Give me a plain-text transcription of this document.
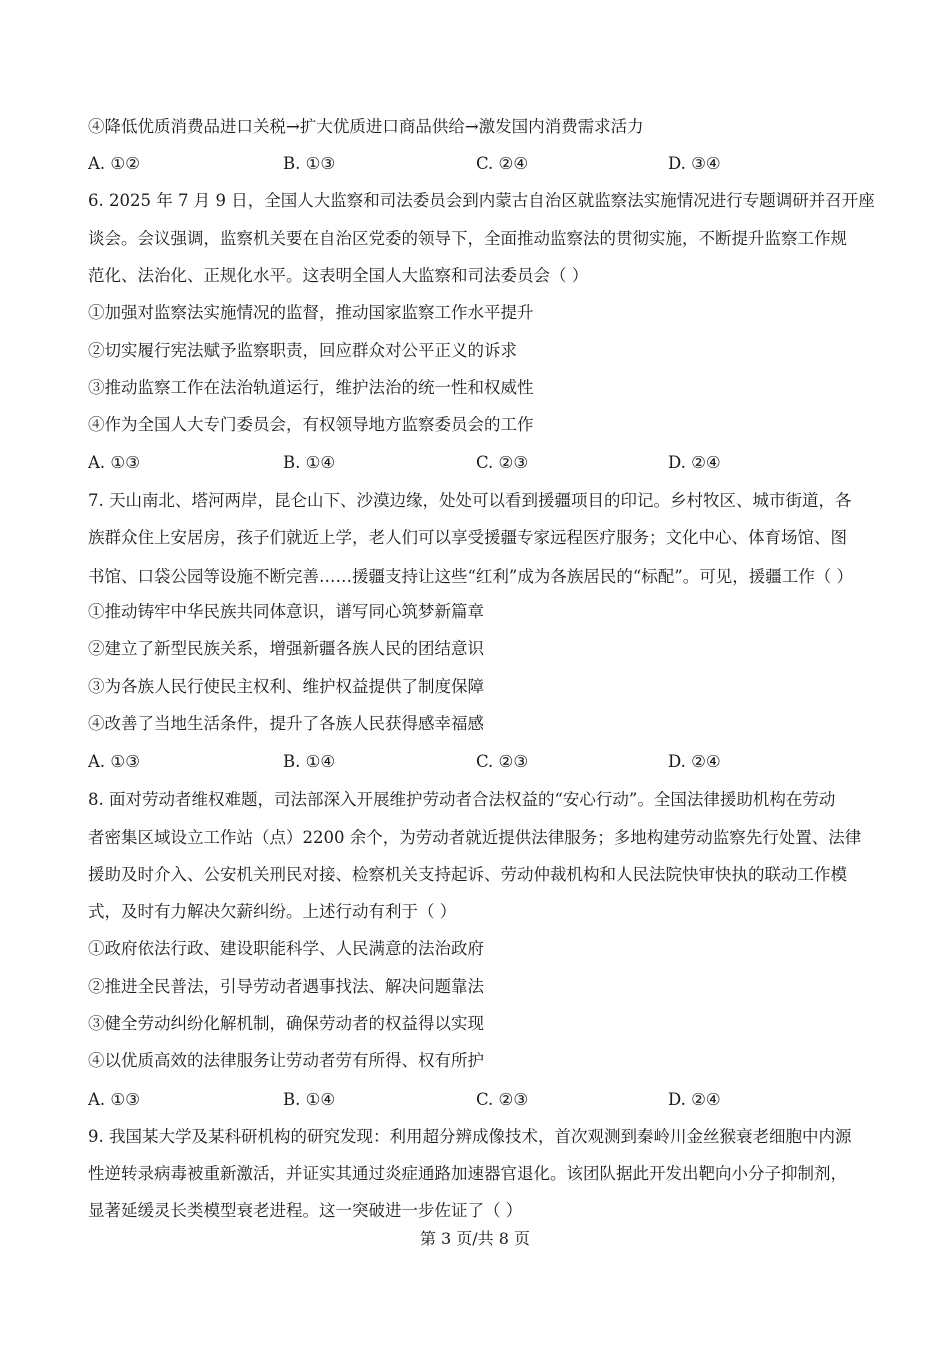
④降低优质消费品进口关税→扩大优质进口商品供给→激发国内消费需求活力
A. ①②	B. ①③	C. ②④	D. ③④
6. 2025 年 7 月 9 日，全国人大监察和司法委员会到内蒙古自治区就监察法实施情况进行专题调研并召开座
谈会。会议强调，监察机关要在自治区党委的领导下，全面推动监察法的贯彻实施，不断提升监察工作规
范化、法治化、正规化水平。这表明全国人大监察和司法委员会（ ）
①加强对监察法实施情况的监督，推动国家监察工作水平提升
②切实履行宪法赋予监察职责，回应群众对公平正义的诉求
③推动监察工作在法治轨道运行，维护法治的统一性和权威性
④作为全国人大专门委员会，有权领导地方监察委员会的工作
A. ①③	B. ①④	C. ②③	D. ②④
7. 天山南北、塔河两岸，昆仑山下、沙漠边缘，处处可以看到援疆项目的印记。乡村牧区、城市街道，各
族群众住上安居房，孩子们就近上学，老人们可以享受援疆专家远程医疗服务；文化中心、体育场馆、图
书馆、口袋公园等设施不断完善……援疆支持让这些“红利”成为各族居民的“标配”。可见，援疆工作（ ）
①推动铸牢中华民族共同体意识，谱写同心筑梦新篇章
②建立了新型民族关系，增强新疆各族人民的团结意识
③为各族人民行使民主权利、维护权益提供了制度保障
④改善了当地生活条件，提升了各族人民获得感幸福感
A. ①③	B. ①④	C. ②③	D. ②④
8. 面对劳动者维权难题，司法部深入开展维护劳动者合法权益的“安心行动”。全国法律援助机构在劳动
者密集区域设立工作站（点）2200 余个，为劳动者就近提供法律服务；多地构建劳动监察先行处置、法律
援助及时介入、公安机关刑民对接、检察机关支持起诉、劳动仲裁机构和人民法院快审快执的联动工作模
式，及时有力解决欠薪纠纷。上述行动有利于（ ）
①政府依法行政、建设职能科学、人民满意的法治政府
②推进全民普法，引导劳动者遇事找法、解决问题靠法
③健全劳动纠纷化解机制，确保劳动者的权益得以实现
④以优质高效的法律服务让劳动者劳有所得、权有所护
A. ①③	B. ①④	C. ②③	D. ②④
9. 我国某大学及某科研机构的研究发现：利用超分辨成像技术，首次观测到秦岭川金丝猴衰老细胞中内源
性逆转录病毒被重新激活，并证实其通过炎症通路加速器官退化。该团队据此开发出靶向小分子抑制剂，
显著延缓灵长类模型衰老进程。这一突破进一步佐证了（ ）
第 3 页/共 8 页
